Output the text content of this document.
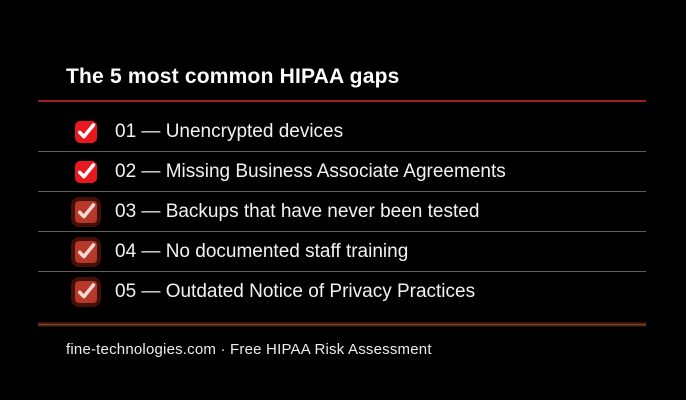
The 5 most common HIPAA gaps
01 — Unencrypted devices
02 — Missing Business Associate Agreements
03 — Backups that have never been tested
04 — No documented staff training
05 — Outdated Notice of Privacy Practices
fine-technologies.com · Free HIPAA Risk Assessment
